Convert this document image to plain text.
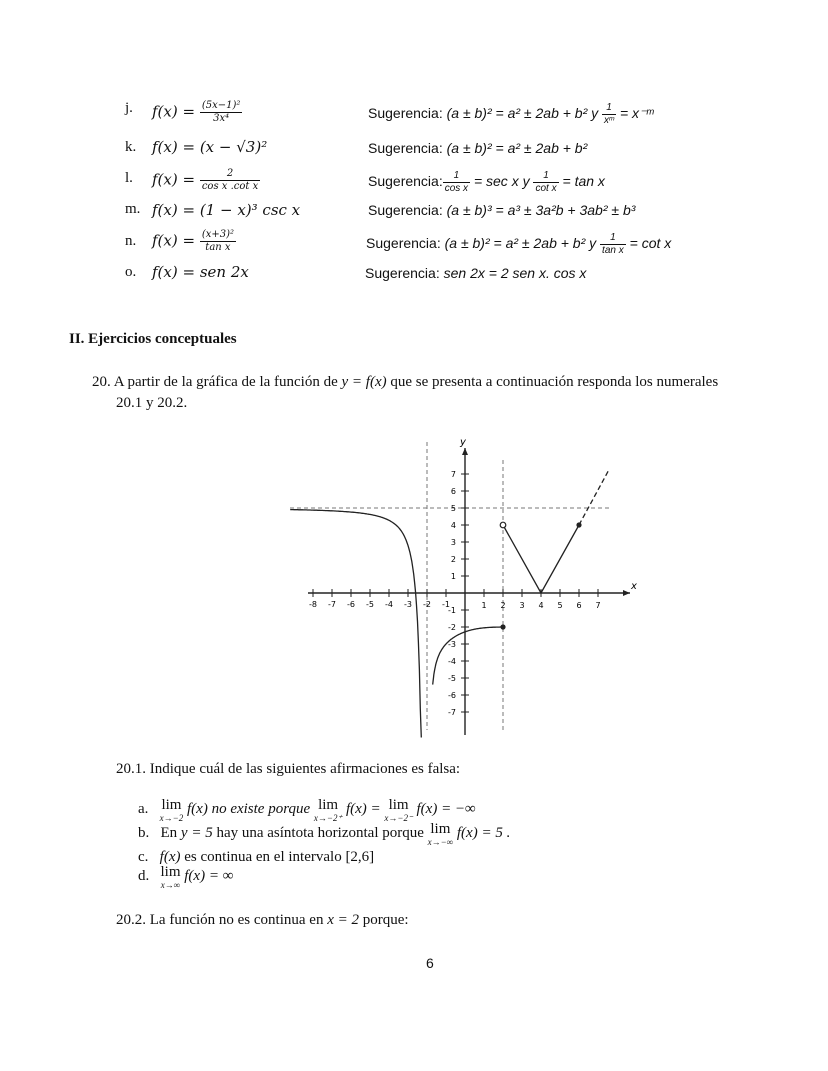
j. $f(x) = \frac{\text{(5x−1)²}}{\text{3x⁴}}$	Sugerencia: (a ± b)² = a² ± 2ab + b² y $\frac{1}{\text{xᵐ}}$ = x⁻ᵐ
k. f(x) = (x − √3)²	Sugerencia: (a ± b)² = a² ± 2ab + b²
l. $f(x) = \frac{2}{\text{cos x .cot x}}$	Sugerencia: $\frac{1}{\text{cos x}} = \sec x$ y $\frac{1}{\text{cot x}} = \tan x$
m. f(x) = (1 − x)³ csc x	Sugerencia: (a ± b)³ = a³ ± 3a²b + 3ab² ± b³
n. $f(x) = \frac{\text{(x+3)²}}{\text{tan x}}$	Sugerencia: (a ± b)² = a² ± 2ab + b² y $\frac{1}{\text{tan x}} = \cot x$
o. f(x) = sen 2x	Sugerencia: sen 2x = 2 sen x. cos x
II. Ejercicios conceptuales
20. A partir de la gráfica de la función de y = f(x) que se presenta a continuación responda los numerales
20.1 y 20.2.
x
y
-8 -7 -6 -5 -4 -3 -2 -1	1 2 3 4 5 6 7
7
6
5
4
3
2
1
-1
-2
-3
-4
-5
-6
-7
20.1. Indique cuál de las siguientes afirmaciones es falsa:
a. lim
x→−2
f(x) no existe porque lim
x→−2⁺
f(x) = lim
x→−2⁻
f(x) = −∞
b. En y = 5 hay una asíntota horizontal porque lim
x→−∞
f(x) = 5 .
c. f(x) es continua en el intervalo [2,6]
d. lim
x→∞
f(x) = ∞
20.2. La función no es continua en x = 2 porque:
6
